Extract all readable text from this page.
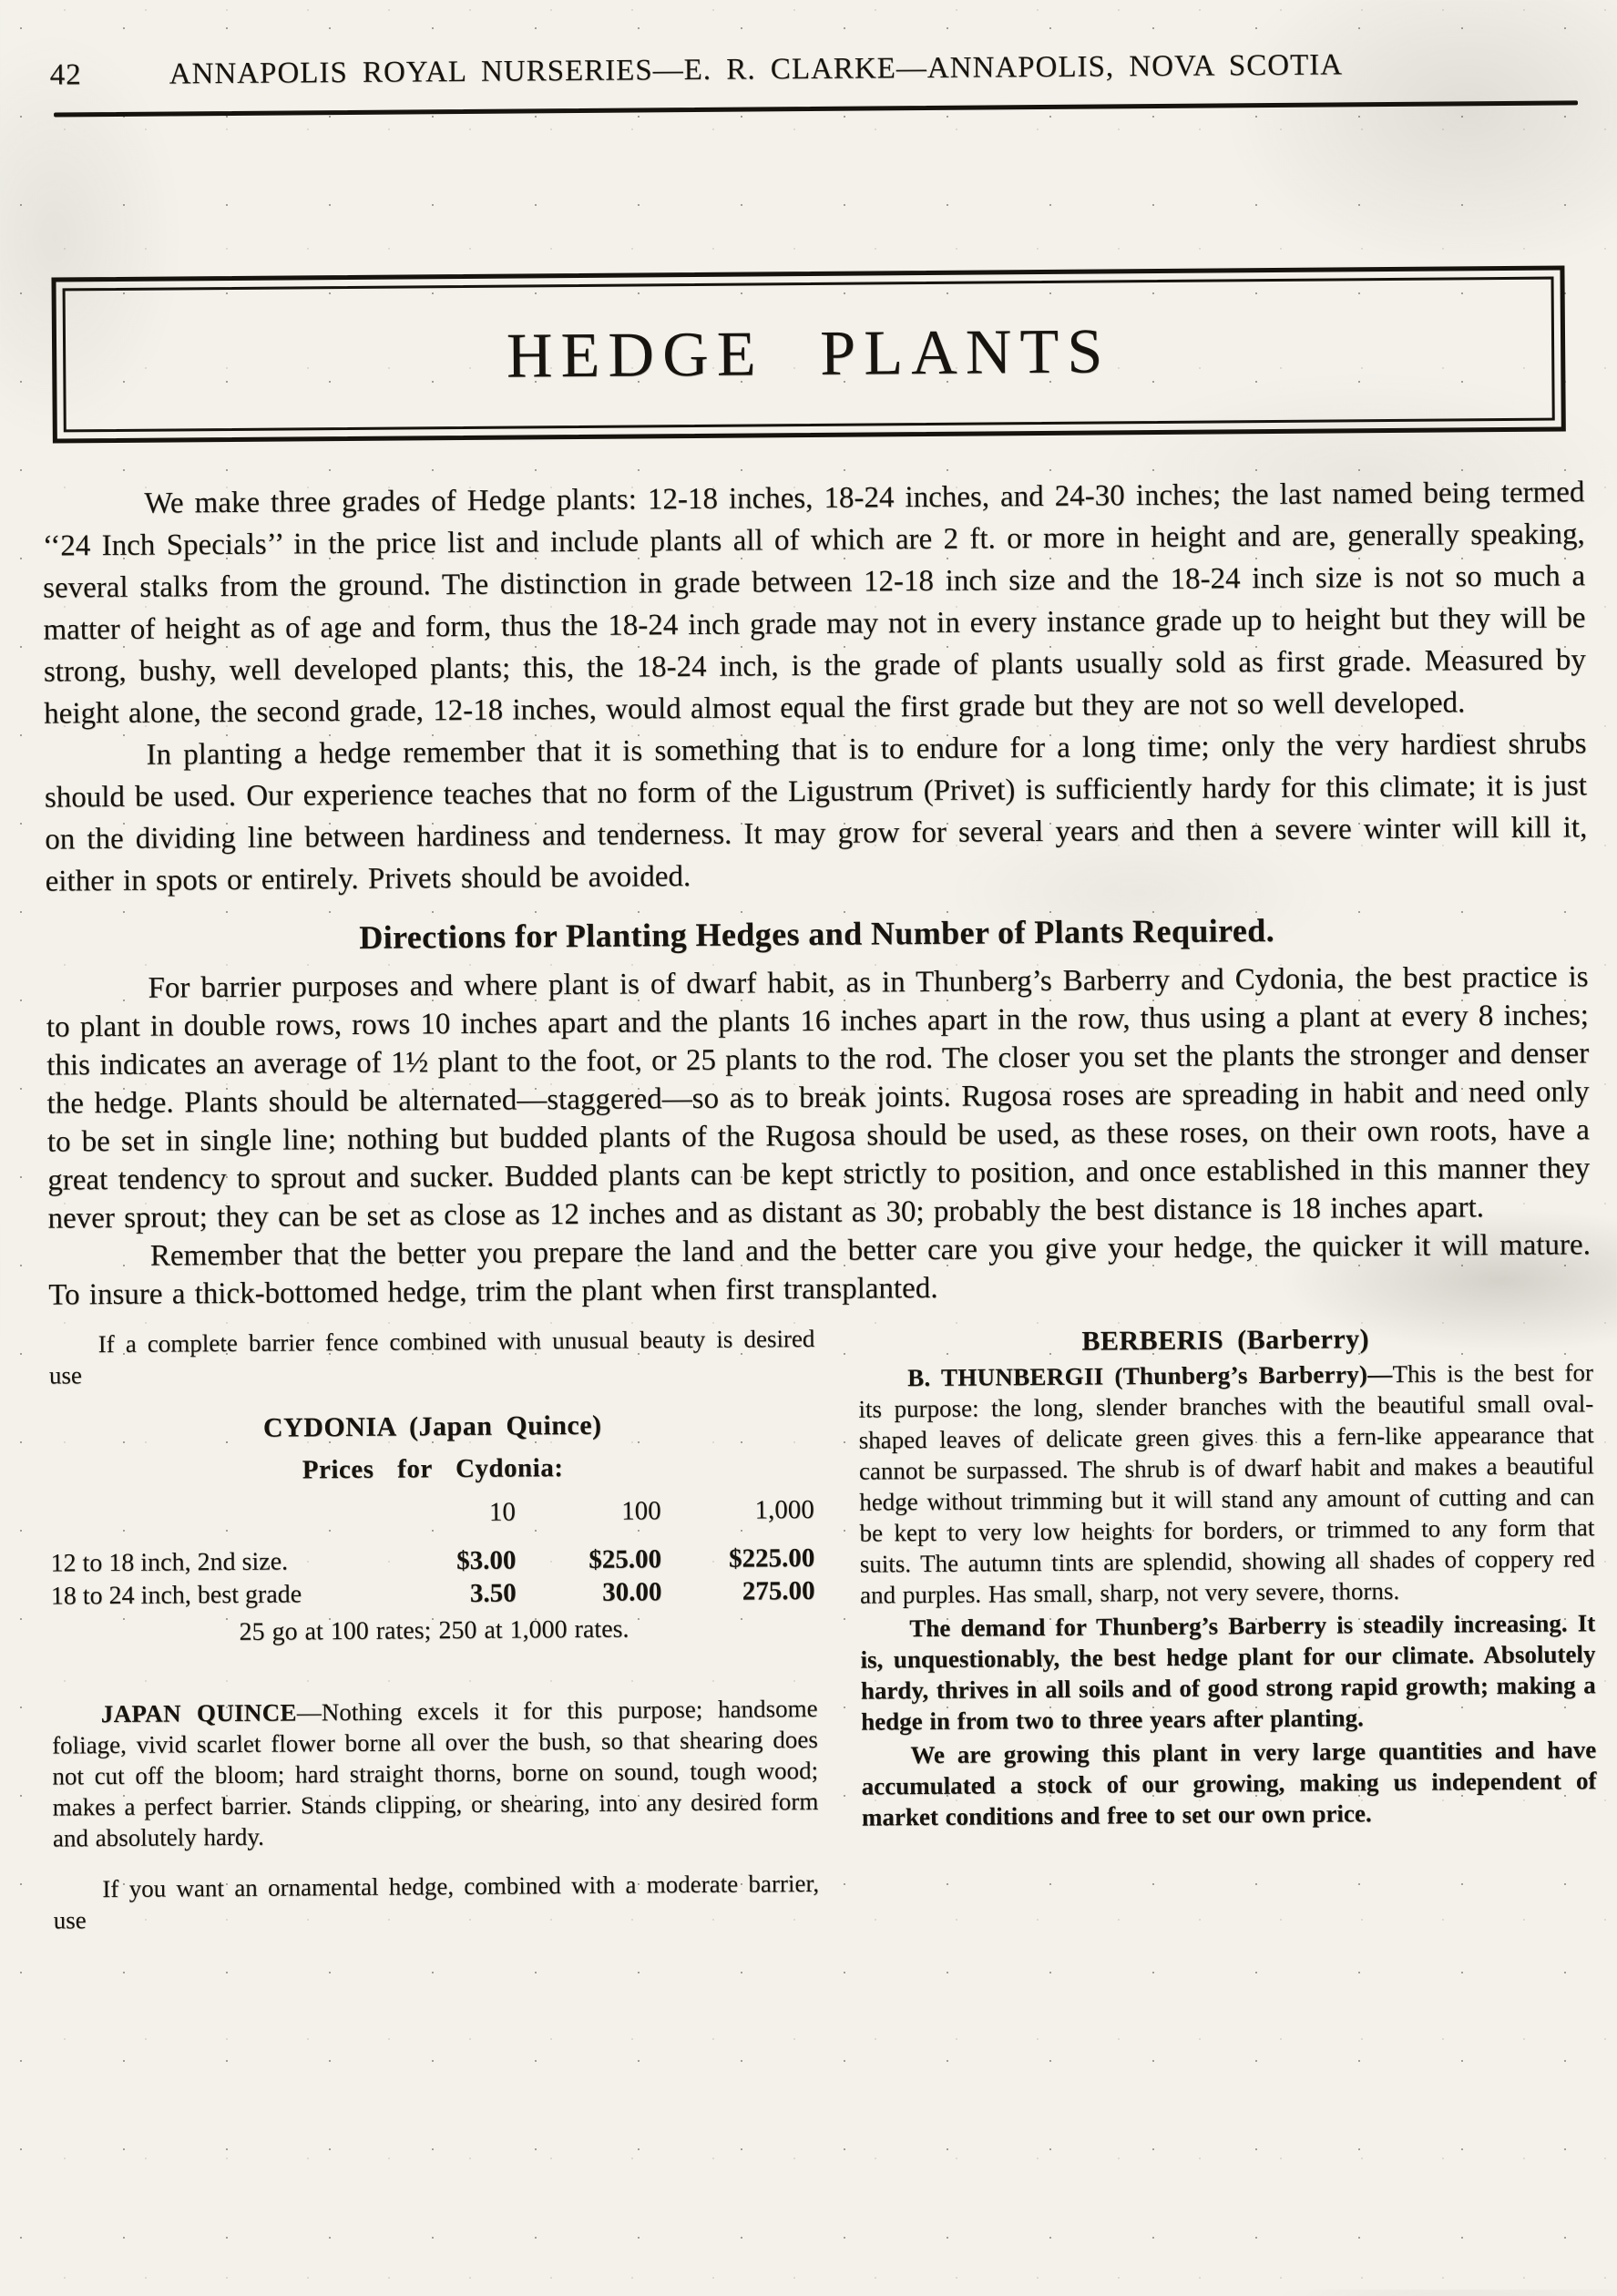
42	ANNAPOLIS ROYAL NURSERIES—E. R. CLARKE—ANNAPOLIS, NOVA SCOTIA
HEDGE PLANTS

We make three grades of Hedge plants: 12-18 inches, 18-24 inches, and 24-30 inches; the last named being termed ‘‘24 Inch Specials’’ in the price list and include plants all of which are 2 ft. or more in height and are, generally speaking, several stalks from the ground. The distinction in grade between 12-18 inch size and the 18-24 inch size is not so much a matter of height as of age and form, thus the 18-24 inch grade may not in every instance grade up to height but they will be strong, bushy, well developed plants; this, the 18-24 inch, is the grade of plants usually sold as first grade. Measured by height alone, the second grade, 12-18 inches, would almost equal the first grade but they are not so well developed.

In planting a hedge remember that it is something that is to endure for a long time; only the very hardiest shrubs should be used. Our experience teaches that no form of the Ligustrum (Privet) is sufficiently hardy for this climate; it is just on the dividing line between hardiness and tenderness. It may grow for several years and then a severe winter will kill it, either in spots or entirely. Privets should be avoided.

Directions for Planting Hedges and Number of Plants Required.

For barrier purposes and where plant is of dwarf habit, as in Thunberg’s Barberry and Cydonia, the best practice is to plant in double rows, rows 10 inches apart and the plants 16 inches apart in the row, thus using a plant at every 8 inches; this indicates an average of 1½ plant to the foot, or 25 plants to the rod. The closer you set the plants the stronger and denser the hedge. Plants should be alternated—staggered—so as to break joints. Rugosa roses are spreading in habit and need only to be set in single line; nothing but budded plants of the Rugosa should be used, as these roses, on their own roots, have a great tendency to sprout and sucker. Budded plants can be kept strictly to position, and once established in this manner they never sprout; they can be set as close as 12 inches and as distant as 30; probably the best distance is 18 inches apart.

Remember that the better you prepare the land and the better care you give your hedge, the quicker it will mature. To insure a thick-bottomed hedge, trim the plant when first transplanted.

If a complete barrier fence combined with unusual beauty is desired use

CYDONIA (Japan Quince)
Prices for Cydonia:
	10	100	1,000
12 to 18 inch, 2nd size.	$3.00	$25.00	$225.00
18 to 24 inch, best grade	3.50	30.00	275.00

25 go at 100 rates; 250 at 1,000 rates.

JAPAN QUINCE—Nothing excels it for this purpose; handsome foliage, vivid scarlet flower borne all over the bush, so that shearing does not cut off the bloom; hard straight thorns, borne on sound, tough wood; makes a perfect barrier. Stands clipping, or shearing, into any desired form and absolutely hardy.

If you want an ornamental hedge, combined with a moderate barrier, use

BERBERIS (Barberry)

B. THUNBERGII (Thunberg’s Barberry)—This is the best for its purpose: the long, slender branches with the beautiful small oval-shaped leaves of delicate green gives this a fern-like appearance that cannot be surpassed. The shrub is of dwarf habit and makes a beautiful hedge without trimming but it will stand any amount of cutting and can be kept to very low heights for borders, or trimmed to any form that suits. The autumn tints are splendid, showing all shades of coppery red and purples. Has small, sharp, not very severe, thorns.

The demand for Thunberg’s Barberry is steadily increasing. It is, unquestionably, the best hedge plant for our climate. Absolutely hardy, thrives in all soils and of good strong rapid growth; making a hedge in from two to three years after planting.

We are growing this plant in very large quantities and have accumulated a stock of our growing, making us independent of market conditions and free to set our own price.
